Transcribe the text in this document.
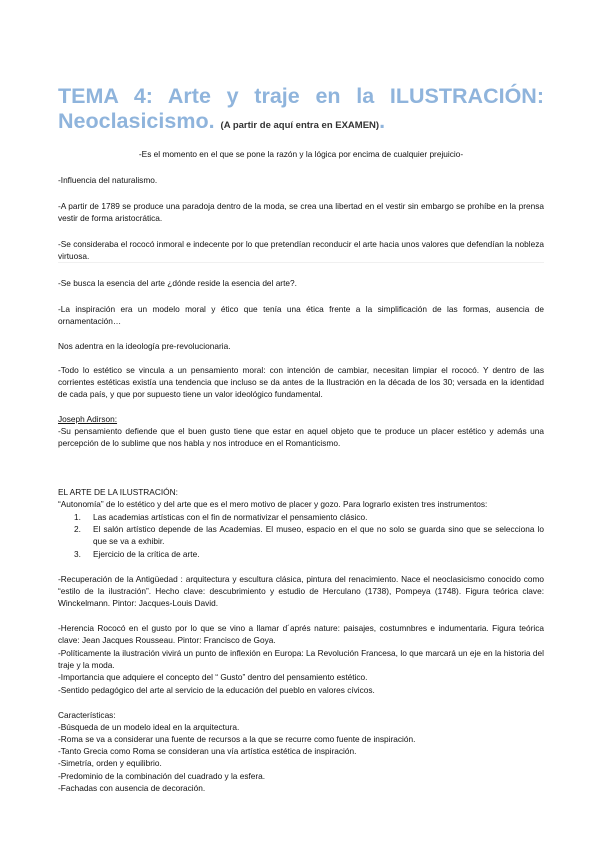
TEMA 4: Arte y traje en la ILUSTRACIÓN:
Neoclasicismo. (A partir de aquí entra en EXAMEN).

-Es el momento en el que se pone la razón y la lógica por encima de cualquier prejuicio-

-Influencia del naturalismo.

-A partir de 1789 se produce una paradoja dentro de la moda, se crea una libertad en el vestir sin embargo se prohíbe en la prensa vestir de forma aristocrática.

-Se consideraba el rococó inmoral e indecente por lo que pretendían reconducir el arte hacia unos valores que defendían la nobleza virtuosa.

-Se busca la esencia del arte ¿dónde reside la esencia del arte?.

-La inspiración era un modelo moral y ético que tenía una ética frente a la simplificación de las formas, ausencia de ornamentación…

Nos adentra en la ideología pre-revolucionaria.

-Todo lo estético se vincula a un pensamiento moral: con intención de cambiar, necesitan limpiar el rococó. Y dentro de las corrientes estéticas existía una tendencia que incluso se da antes de la Ilustración en la década de los 30; versada en la identidad de cada país, y que por supuesto tiene un valor ideológico fundamental.

Joseph Adirson:

-Su pensamiento defiende que el buen gusto tiene que estar en aquel objeto que te produce un placer estético y además una percepción de lo sublime que nos habla y nos introduce en el Romanticismo.

EL ARTE DE LA ILUSTRACIÓN:

“Autonomía” de lo estético y del arte que es el mero motivo de placer y gozo. Para lograrlo existen tres instrumentos:

1. Las academias artísticas con el fin de normativizar el pensamiento clásico.
2. El salón artístico depende de las Academias. El museo, espacio en el que no solo se guarda sino que se selecciona lo que se va a exhibir.
3. Ejercicio de la crítica de arte.

-Recuperación de la Antigüedad : arquitectura y escultura clásica, pintura del renacimiento. Nace el neoclasicismo conocido como “estilo de la ilustración”. Hecho clave: descubrimiento y estudio de Herculano (1738), Pompeya (1748). Figura teórica clave: Winckelmann. Pintor: Jacques-Louis David.

-Herencia Rococó en el gusto por lo que se vino a llamar d´aprés nature: paisajes, costumnbres e indumentaria. Figura teórica clave: Jean Jacques Rousseau. Pintor: Francisco de Goya.

-Políticamente la ilustración vivirá un punto de inflexión en Europa: La Revolución Francesa, lo que marcará un eje en la historia del traje y la moda.

-Importancia que adquiere el concepto del “ Gusto” dentro del pensamiento estético.

-Sentido pedagógico del arte al servicio de la educación del pueblo en valores cívicos.

Características:

-Búsqueda de un modelo ideal en la arquitectura.

-Roma se va a considerar una fuente de recursos a la que se recurre como fuente de inspiración.

-Tanto Grecia como Roma se consideran una vía artística estética de inspiración.

-Simetría, orden y equilibrio.

-Predominio de la combinación del cuadrado y la esfera.

-Fachadas con ausencia de decoración.
